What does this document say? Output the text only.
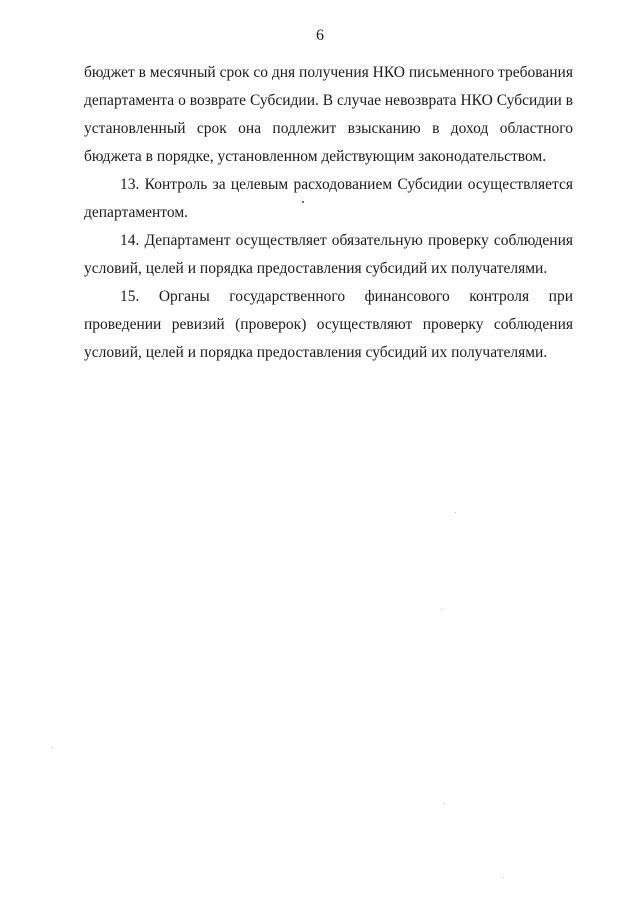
6

бюджет в месячный срок со дня получения НКО письменного требования департамента о возврате Субсидии. В случае невозврата НКО Субсидии в установленный срок она подлежит взысканию в доход областного бюджета в порядке, установленном действующим законодательством.

13. Контроль за целевым расходованием Субсидии осуществляется департаментом.

14. Департамент осуществляет обязательную проверку соблюдения условий, целей и порядка предоставления субсидий их получателями.

15. Органы государственного финансового контроля при проведении ревизий (проверок) осуществляют проверку соблюдения условий, целей и порядка предоставления субсидий их получателями.
